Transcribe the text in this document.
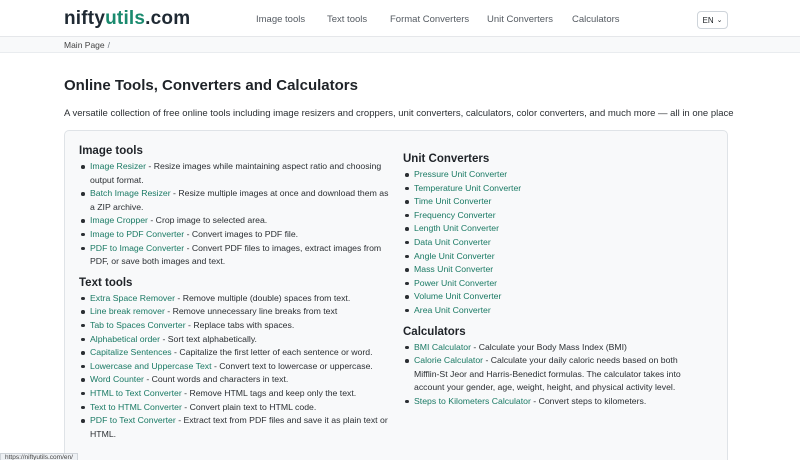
niftyutils.com	Image tools Text tools Format Converters Unit Converters Calculators	EN ⌄
Main Page /
Online Tools, Converters and Calculators

A versatile collection of free online tools including image resizers and croppers, unit converters, calculators, color converters, and much more — all in one place

Image tools
Image Resizer - Resize images while maintaining aspect ratio and choosing output format.
Batch Image Resizer - Resize multiple images at once and download them as a ZIP archive.
Image Cropper - Crop image to selected area.
Image to PDF Converter - Convert images to PDF file.
PDF to Image Converter - Convert PDF files to images, extract images from PDF, or save both images and text.
Text tools
Extra Space Remover - Remove multiple (double) spaces from text.
Line break remover - Remove unnecessary line breaks from text
Tab to Spaces Converter - Replace tabs with spaces.
Alphabetical order - Sort text alphabetically.
Capitalize Sentences - Capitalize the first letter of each sentence or word.
Lowercase and Uppercase Text - Convert text to lowercase or uppercase.
Word Counter - Count words and characters in text.
HTML to Text Converter - Remove HTML tags and keep only the text.
Text to HTML Converter - Convert plain text to HTML code.
PDF to Text Converter - Extract text from PDF files and save it as plain text or HTML.
Unit Converters
Pressure Unit Converter
Temperature Unit Converter
Time Unit Converter
Frequency Converter
Length Unit Converter
Data Unit Converter
Angle Unit Converter
Mass Unit Converter
Power Unit Converter
Volume Unit Converter
Area Unit Converter
Calculators
BMI Calculator - Calculate your Body Mass Index (BMI)
Calorie Calculator - Calculate your daily caloric needs based on both Mifflin-St Jeor and Harris-Benedict formulas. The calculator takes into account your gender, age, weight, height, and physical activity level.
Steps to Kilometers Calculator - Convert steps to kilometers.
https://niftyutils.com/en/
